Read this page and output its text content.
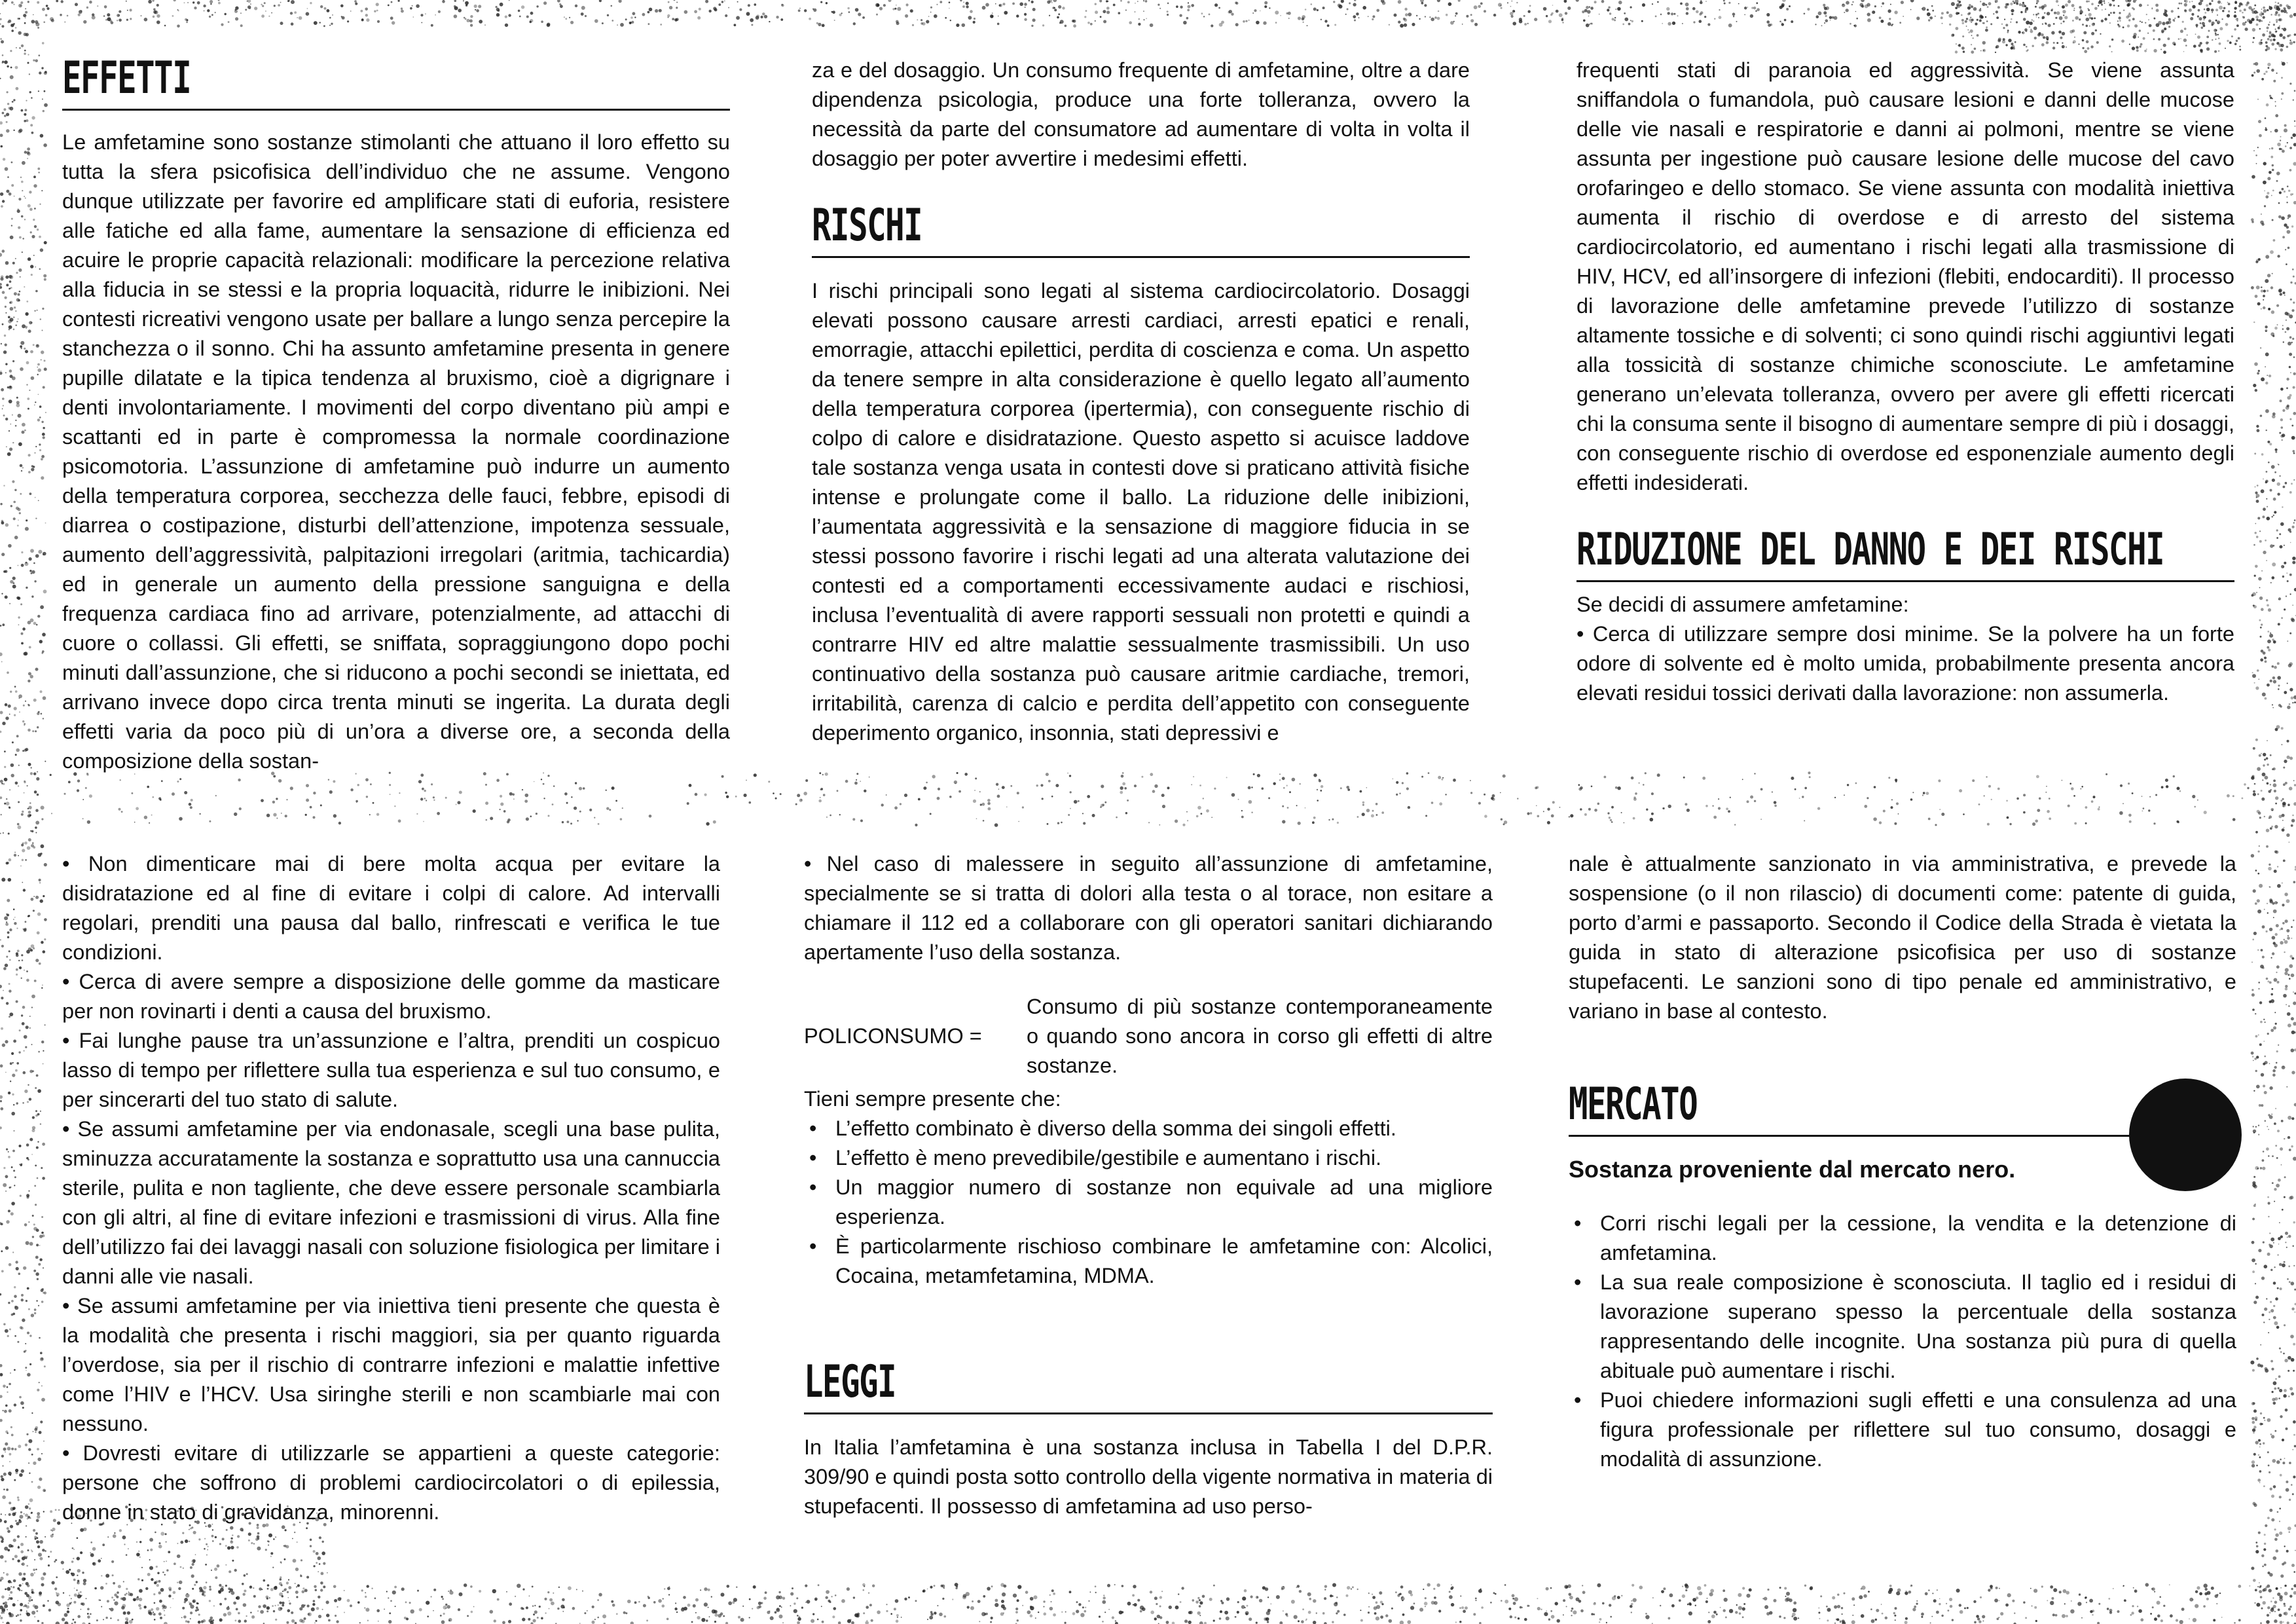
EFFETTI

Le amfetamine sono sostanze stimolanti che attuano il loro effetto su tutta la sfera psicofisica dell’individuo che ne assume. Vengono dunque utilizzate per favorire ed amplificare stati di euforia, resistere alle fatiche ed alla fame, aumentare la sensazione di efficienza ed acuire le proprie capacità relazionali: modificare la percezione relativa alla fiducia in se stessi e la propria loquacità, ridurre le inibizioni. Nei contesti ricreativi vengono usate per ballare a lungo senza percepire la stanchezza o il sonno. Chi ha assunto amfetamine presenta in genere pupille dilatate e la tipica tendenza al bruxismo, cioè a digrignare i denti involontariamente. I movimenti del corpo diventano più ampi e scattanti ed in parte è compromessa la normale coordinazione psicomotoria. L’assunzione di amfetamine può indurre un aumento della temperatura corporea, secchezza delle fauci, febbre, episodi di diarrea o costipazione, disturbi dell’attenzione, impotenza sessuale, aumento dell’aggressività, palpitazioni irregolari (aritmia, tachicardia) ed in generale un aumento della pressione sanguigna e della frequenza cardiaca fino ad arrivare, potenzialmente, ad attacchi di cuore o collassi. Gli effetti, se sniffata, sopraggiungono dopo pochi minuti dall’assunzione, che si riducono a pochi secondi se iniettata, ed arrivano invece dopo circa trenta minuti se ingerita. La durata degli effetti varia da poco più di un’ora a diverse ore, a seconda della composizione della sostan-

za e del dosaggio. Un consumo frequente di amfetamine, oltre a dare dipendenza psicologia, produce una forte tolleranza, ovvero la necessità da parte del consumatore ad aumentare di volta in volta il dosaggio per poter avvertire i medesimi effetti.

RISCHI

I rischi principali sono legati al sistema cardiocircolatorio. Dosaggi elevati possono causare arresti cardiaci, arresti epatici e renali, emorragie, attacchi epilettici, perdita di coscienza e coma. Un aspetto da tenere sempre in alta considerazione è quello legato all’aumento della temperatura corporea (ipertermia), con conseguente rischio di colpo di calore e disidratazione. Questo aspetto si acuisce laddove tale sostanza venga usata in contesti dove si praticano attività fisiche intense e prolungate come il ballo. La riduzione delle inibizioni, l’aumentata aggressività e la sensazione di maggiore fiducia in se stessi possono favorire i rischi legati ad una alterata valutazione dei contesti ed a comportamenti eccessivamente audaci e rischiosi, inclusa l’eventualità di avere rapporti sessuali non protetti e quindi a contrarre HIV ed altre malattie sessualmente trasmissibili. Un uso continuativo della sostanza può causare aritmie cardiache, tremori, irritabilità, carenza di calcio e perdita dell’appetito con conseguente deperimento organico, insonnia, stati depressivi e

frequenti stati di paranoia ed aggressività. Se viene assunta sniffandola o fumandola, può causare lesioni e danni delle mucose delle vie nasali e respiratorie e danni ai polmoni, mentre se viene assunta per ingestione può causare lesione delle mucose del cavo orofaringeo e dello stomaco. Se viene assunta con modalità iniettiva aumenta il rischio di overdose e di arresto del sistema cardiocircolatorio, ed aumentano i rischi legati alla trasmissione di HIV, HCV, ed all’insorgere di infezioni (flebiti, endocarditi). Il processo di lavorazione delle amfetamine prevede l’utilizzo di sostanze altamente tossiche e di solventi; ci sono quindi rischi aggiuntivi legati alla tossicità di sostanze chimiche sconosciute. Le amfetamine generano un’elevata tolleranza, ovvero per avere gli effetti ricercati chi la consuma sente il bisogno di aumentare sempre di più i dosaggi, con conseguente rischio di overdose ed esponenziale aumento degli effetti indesiderati.

RIDUZIONE DEL DANNO E DEI RISCHI

Se decidi di assumere amfetamine:

• Cerca di utilizzare sempre dosi minime. Se la polvere ha un forte odore di solvente ed è molto umida, probabilmente presenta ancora elevati residui tossici derivati dalla lavorazione: non assumerla.
• Non dimenticare mai di bere molta acqua per evitare la disidratazione ed al fine di evitare i colpi di calore. Ad intervalli regolari, prenditi una pausa dal ballo, rinfrescati e verifica le tue condizioni.
• Cerca di avere sempre a disposizione delle gomme da masticare per non rovinarti i denti a causa del bruxismo.
• Fai lunghe pause tra un’assunzione e l’altra, prenditi un cospicuo lasso di tempo per riflettere sulla tua esperienza e sul tuo consumo, e per sincerarti del tuo stato di salute.
• Se assumi amfetamine per via endonasale, scegli una base pulita, sminuzza accuratamente la sostanza e soprattutto usa una cannuccia sterile, pulita e non tagliente, che deve essere personale scambiarla con gli altri, al fine di evitare infezioni e trasmissioni di virus. Alla fine dell’utilizzo fai dei lavaggi nasali con soluzione fisiologica per limitare i danni alle vie nasali.
• Se assumi amfetamine per via iniettiva tieni presente che questa è la modalità che presenta i rischi maggiori, sia per quanto riguarda l’overdose, sia per il rischio di contrarre infezioni e malattie infettive come l’HIV e l’HCV. Usa siringhe sterili e non scambiarle mai con nessuno.
• Dovresti evitare di utilizzarle se appartieni a queste categorie: persone che soffrono di problemi cardiocircolatori o di epilessia, donne in stato di gravidanza, minorenni.
• Nel caso di malessere in seguito all’assunzione di amfetamine, specialmente se si tratta di dolori alla testa o al torace, non esitare a chiamare il 112 ed a collaborare con gli operatori sanitari dichiarando apertamente l’uso della sostanza.
POLICONSUMO =
Consumo di più sostanze contemporaneamente o quando sono ancora in corso gli effetti di altre sostanze.

Tieni sempre presente che:

• L’effetto combinato è diverso della somma dei singoli effetti.
• L’effetto è meno prevedibile/gestibile e aumentano i rischi.
• Un maggior numero di sostanze non equivale ad una migliore esperienza.
• È particolarmente rischioso combinare le amfetamine con: Alcolici, Cocaina, metamfetamina, MDMA.
LEGGI

In Italia l’amfetamina è una sostanza inclusa in Tabella I del D.P.R. 309/90 e quindi posta sotto controllo della vigente normativa in materia di stupefacenti. Il possesso di amfetamina ad uso perso-

nale è attualmente sanzionato in via amministrativa, e prevede la sospensione (o il non rilascio) di documenti come: patente di guida, porto d’armi e passaporto. Secondo il Codice della Strada è vietata la guida in stato di alterazione psicofisica per uso di sostanze stupefacenti. Le sanzioni sono di tipo penale ed amministrativo, e variano in base al contesto.

MERCATO

Sostanza proveniente dal mercato nero.

• Corri rischi legali per la cessione, la vendita e la detenzione di amfetamina.
• La sua reale composizione è sconosciuta. Il taglio ed i residui di lavorazione superano spesso la percentuale della sostanza rappresentando delle incognite. Una sostanza più pura di quella abituale può aumentare i rischi.
• Puoi chiedere informazioni sugli effetti e una consulenza ad una figura professionale per riflettere sul tuo consumo, dosaggi e modalità di assunzione.
